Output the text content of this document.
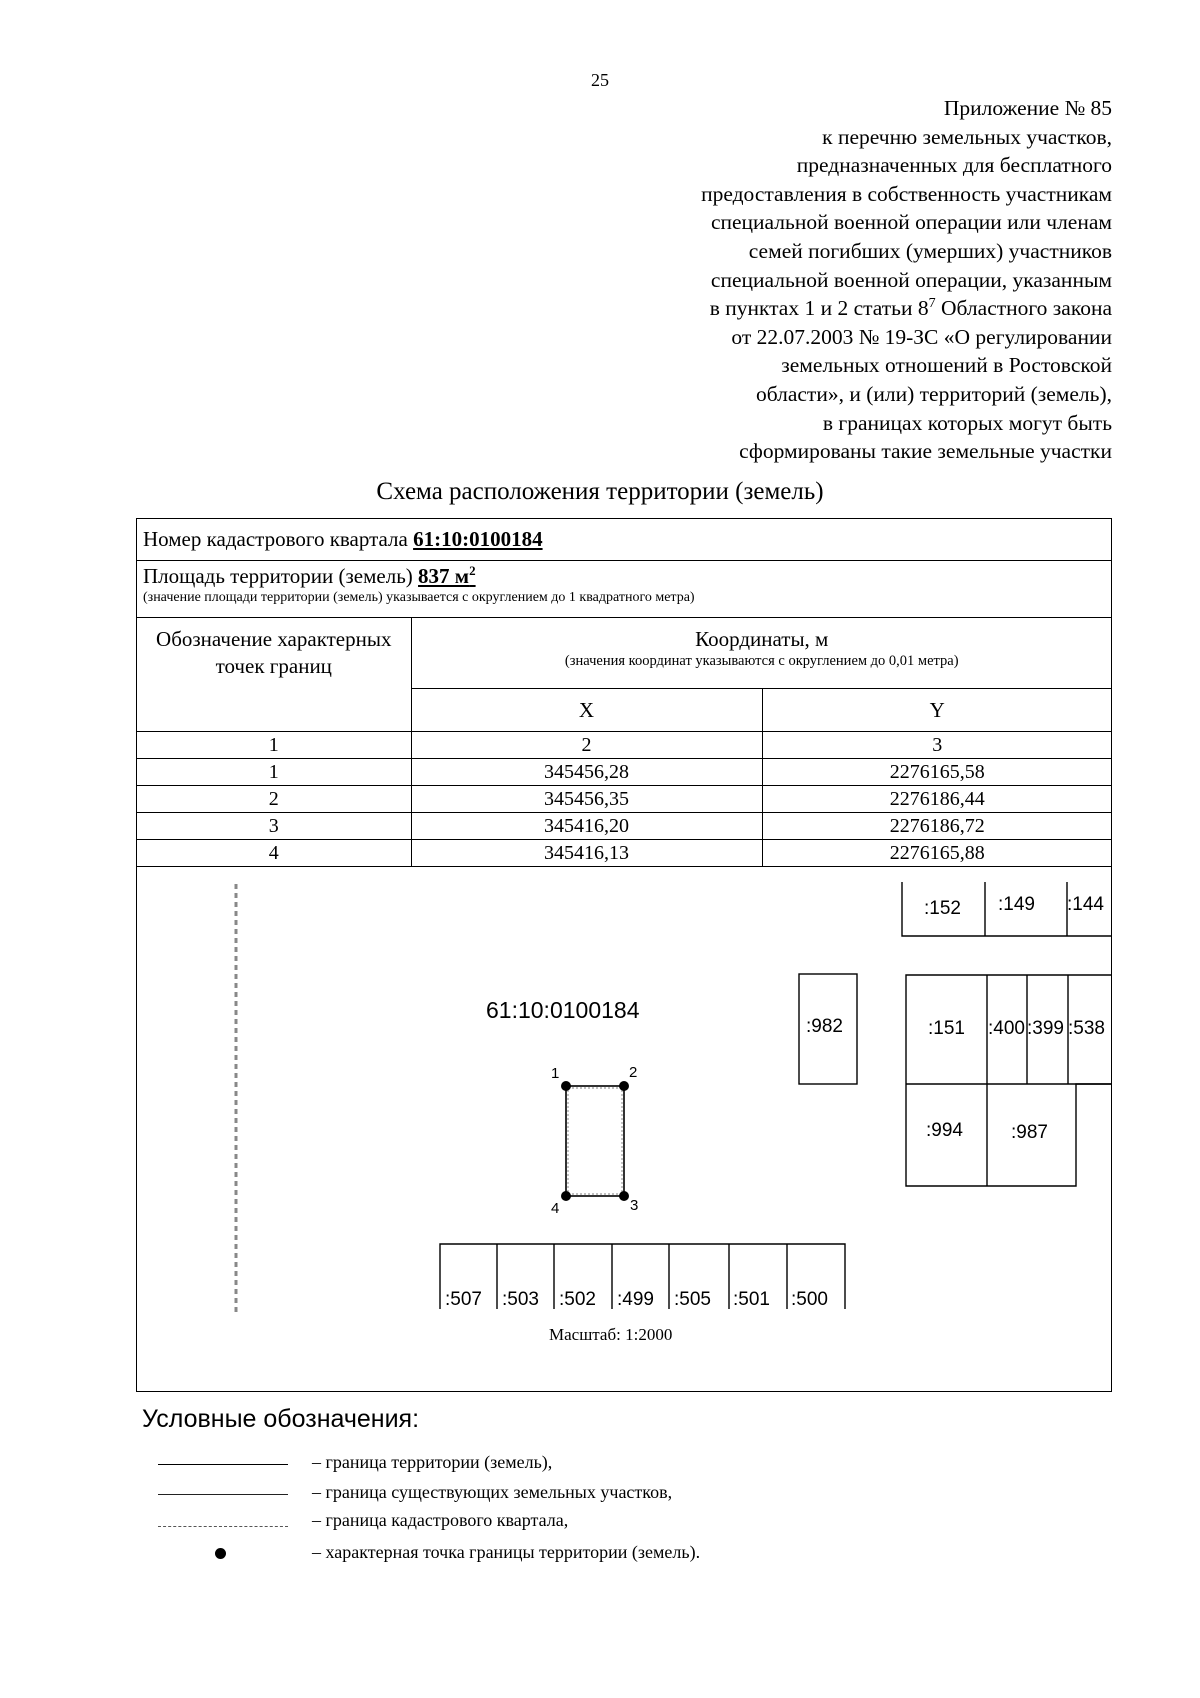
25
Приложение № 85
к перечню земельных участков,
предназначенных для бесплатного
предоставления в собственность участникам
специальной военной операции или членам
семей погибших (умерших) участников
специальной военной операции, указанным
в пунктах 1 и 2 статьи $8^7$ Областного закона
от 22.07.2003 № 19-ЗС «О регулировании
земельных отношений в Ростовской
области», и (или) территорий (земель),
в границах которых могут быть
сформированы такие земельные участки
Схема расположения территории (земель)
Номер кадастрового квартала 61:10:0100184
Площадь территории (земель) 837 $м^2$
(значение площади территории (земель) указывается с округлением до 1 квадратного метра)
Обозначение характерных точек границ	Координаты, м
(значения координат указываются с округлением до 0,01 метра)	

	X	Y
1	2	3
1	345456,28	2276165,58
2	345456,35	2276186,44
3	345416,20	2276186,72
4	345416,13	2276165,88
:152 :149 :144
:982	:151 :400 :399 :538
:994	:987
61:10:0100184
1	2
3
4
:507 :503 :502 :499 :505 :501 :500
Масштаб: 1:2000
Условные обозначения:
– граница территории (земель),
– граница существующих земельных участков,
– граница кадастрового квартала,
– характерная точка границы территории (земель).
